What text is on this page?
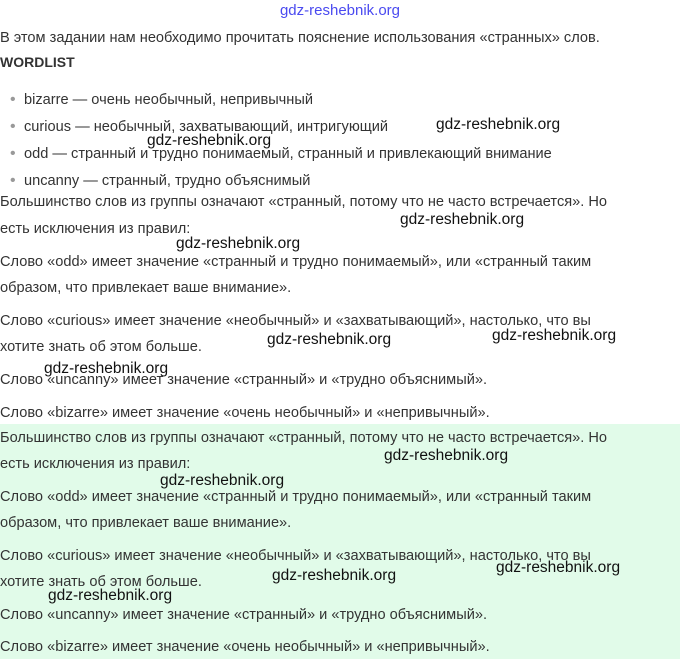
gdz-reshebnik.org
В этом задании нам необходимо прочитать пояснение использования «странных» слов.
WORDLIST
• bizarre — очень необычный, непривычный
• curious — необычный, захватывающий, интригующий
• odd — странный и трудно понимаемый, странный и привлекающий внимание
• uncanny — странный, трудно объяснимый
Большинство слов из группы означают «странный, потому что не часто встречается». Но
есть исключения из правил:
Слово «odd» имеет значение «странный и трудно понимаемый», или «странный таким
образом, что привлекает ваше внимание».
Слово «curious» имеет значение «необычный» и «захватывающий», настолько, что вы
хотите знать об этом больше.
Слово «uncanny» имеет значение «странный» и «трудно объяснимый».
Слово «bizarre» имеет значение «очень необычный» и «непривычный».
Большинство слов из группы означают «странный, потому что не часто встречается». Но
есть исключения из правил:
Слово «odd» имеет значение «странный и трудно понимаемый», или «странный таким
образом, что привлекает ваше внимание».
Слово «curious» имеет значение «необычный» и «захватывающий», настолько, что вы
хотите знать об этом больше.
Слово «uncanny» имеет значение «странный» и «трудно объяснимый».
Слово «bizarre» имеет значение «очень необычный» и «непривычный».
gdz-reshebnik.org
gdz-reshebnik.org
gdz-reshebnik.org
gdz-reshebnik.org
gdz-reshebnik.org	gdz-reshebnik.org
gdz-reshebnik.org
gdz-reshebnik.org
gdz-reshebnik.org
gdz-reshebnik.org
gdz-reshebnik.org
gdz-reshebnik.org
